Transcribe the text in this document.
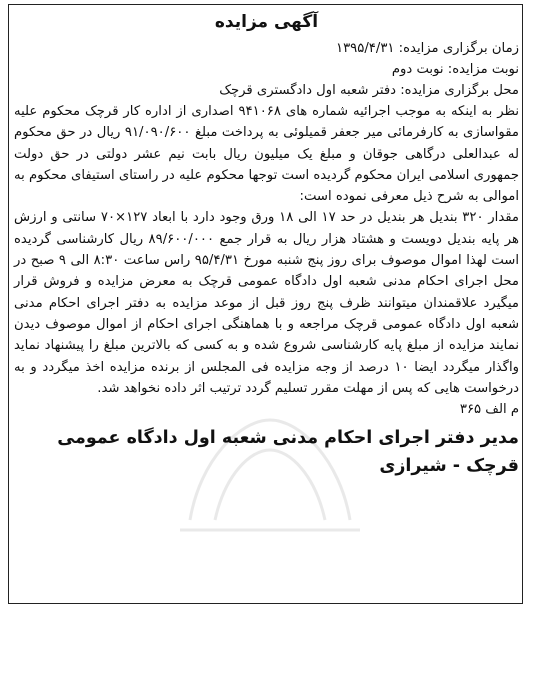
آگهی مزایده

زمان برگزاری مزایده: ۱۳۹۵/۴/۳۱

نوبت مزایده: نوبت دوم

محل برگزاری مزایده: دفتر شعبه اول دادگستری قرچک

نظر به اینکه به موجب اجرائیه شماره های ۹۴۱۰۶۸ اصداری از اداره کار قرچک محکوم علیه مقواسازی به کارفرمائی میر جعفر قمیلوئی به پرداخت مبلغ ۹۱/۰۹۰/۶۰۰ ریال در حق محکوم له عبدالعلی درگاهی جوقان و مبلغ یک میلیون ریال بابت نیم عشر دولتی در حق دولت جمهوری اسلامی ایران محکوم گردیده است توجها محکوم علیه در راستای استیفای محکوم به اموالی به شرح ذیل معرفی نموده است:

مقدار ۳۲۰ بندیل هر بندیل در حد ۱۷ الی ۱۸ ورق وجود دارد با ابعاد ۱۲۷×۷۰ سانتی و ارزش هر پایه بندیل دویست و هشتاد هزار ریال به قرار جمع ۸۹/۶۰۰/۰۰۰ ریال کارشناسی گردیده است لهذا اموال موصوف برای روز پنج شنبه مورخ ۹۵/۴/۳۱ راس ساعت ۸:۳۰ الی ۹ صبح در محل اجرای احکام مدنی شعبه اول دادگاه عمومی قرچک به معرض مزایده و فروش قرار میگیرد علاقمندان میتوانند ظرف پنج روز قبل از موعد مزایده به دفتر اجرای احکام مدنی شعبه اول دادگاه عمومی قرچک مراجعه و با هماهنگی اجرای احکام از اموال موصوف دیدن نمایند مزایده از مبلغ پایه کارشناسی شروع شده و به کسی که بالاترین مبلغ را پیشنهاد نماید واگذار میگردد ایضا ۱۰ درصد از وجه مزایده فی المجلس از برنده مزایده اخذ میگردد و به درخواست هایی که پس از مهلت مقرر تسلیم گردد ترتیب اثر داده نخواهد شد.

م الف ۳۶۵

مدیر دفتر اجرای احکام مدنی شعبه اول دادگاه عمومی قرچک - شیرازی
